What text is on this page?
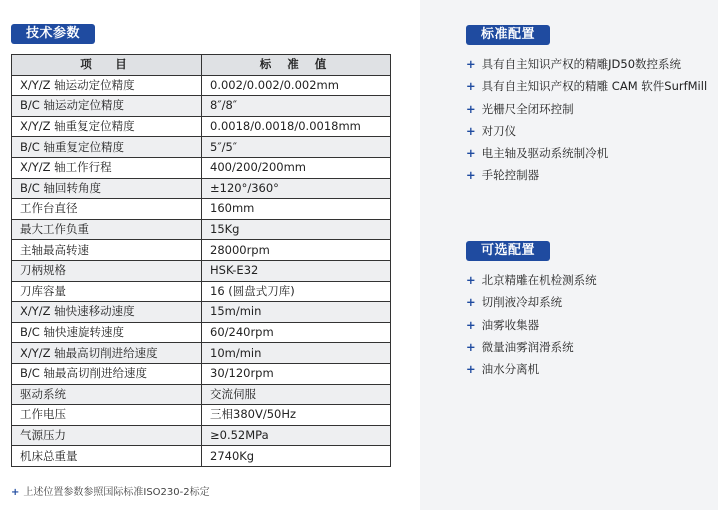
技术参数
项　目	标 准 值
X/Y/Z 轴运动定位精度	0.002/0.002/0.002mm
B/C 轴运动定位精度	8″/8″
X/Y/Z 轴重复定位精度	0.0018/0.0018/0.0018mm
B/C 轴重复定位精度	5″/5″
X/Y/Z 轴工作行程	400/200/200mm
B/C 轴回转角度	±120°/360°
工作台直径	160mm
最大工作负重	15Kg
主轴最高转速	28000rpm
刀柄规格	HSK-E32
刀库容量	16 (圆盘式刀库)
X/Y/Z 轴快速移动速度	15m/min
B/C 轴快速旋转速度	60/240rpm
X/Y/Z 轴最高切削进给速度	10m/min
B/C 轴最高切削进给速度	30/120rpm
驱动系统	交流伺服
工作电压	三相380V/50Hz
气源压力	≥0.52MPa
机床总重量	2740Kg
+ 上述位置参数参照国际标准ISO230-2标定
标准配置
+ 具有自主知识产权的精雕JD50数控系统
+ 具有自主知识产权的精雕 CAM 软件SurfMill
+ 光栅尺全闭环控制
+ 对刀仪
+ 电主轴及驱动系统制冷机
+ 手轮控制器
可选配置
+ 北京精雕在机检测系统
+ 切削液冷却系统
+ 油雾收集器
+ 微量油雾润滑系统
+ 油水分离机
